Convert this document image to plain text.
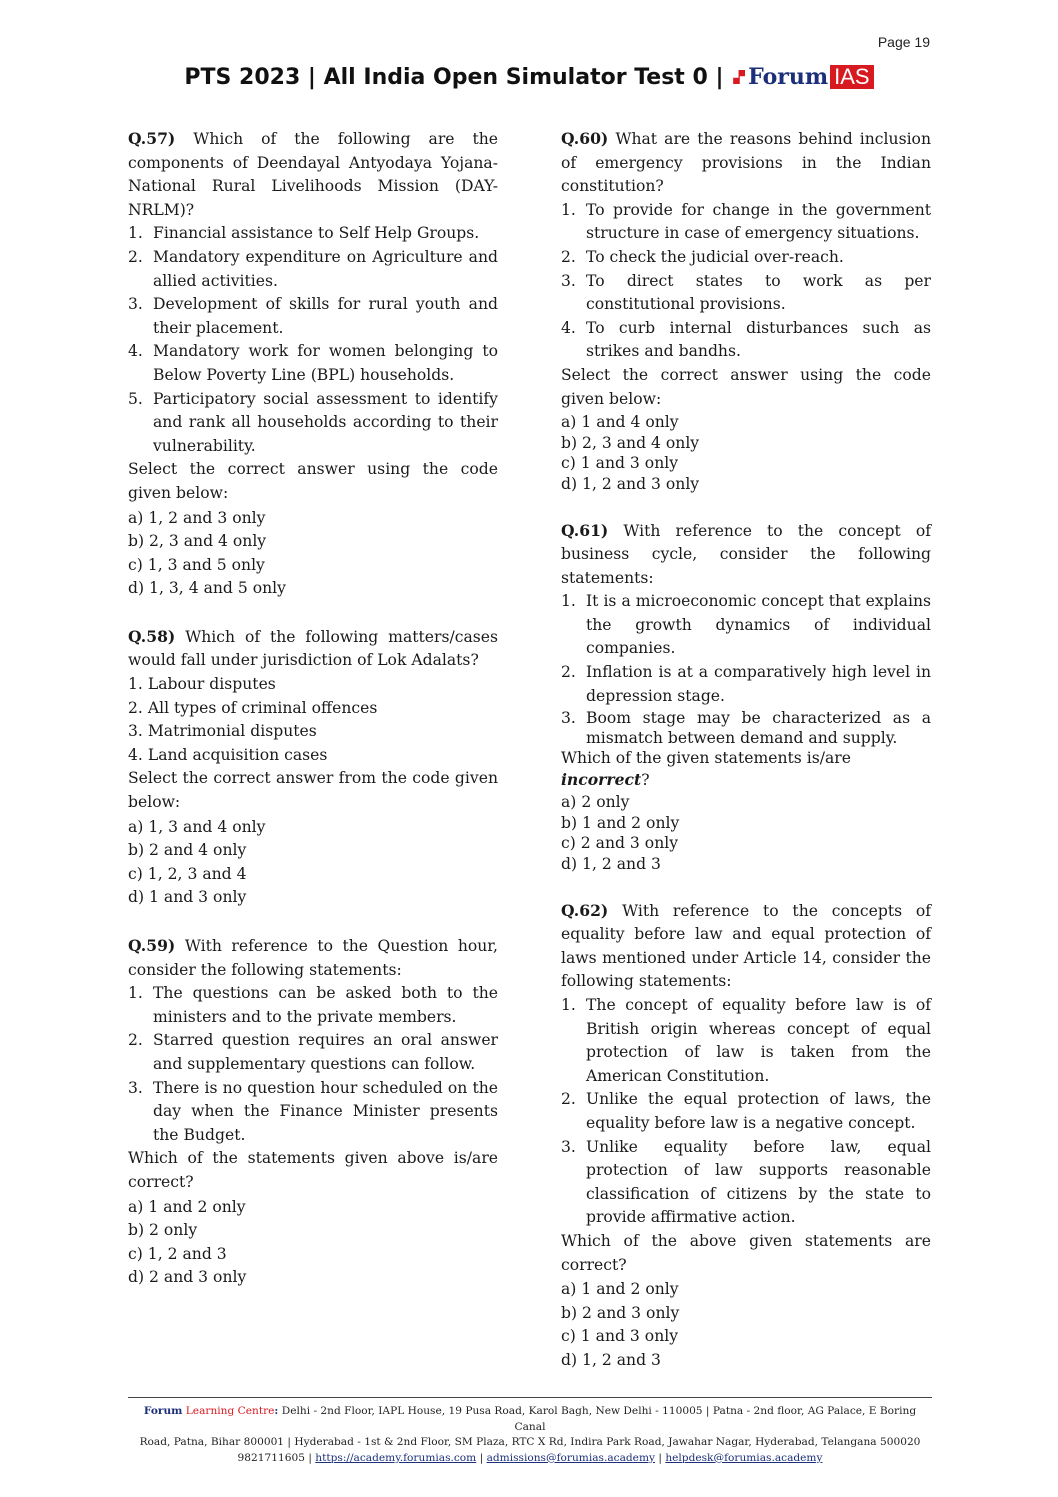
Page 19
PTS 2023 | All India Open Simulator Test 0 | Forum IAS
Q.57) Which of the following are the components of Deendayal Antyodaya Yojana-National Rural Livelihoods Mission (DAY-NRLM)?
1. Financial assistance to Self Help Groups.
2. Mandatory expenditure on Agriculture and allied activities.
3. Development of skills for rural youth and their placement.
4. Mandatory work for women belonging to Below Poverty Line (BPL) households.
5. Participatory social assessment to identify and rank all households according to their vulnerability.
Select the correct answer using the code given below:
a) 1, 2 and 3 only
b) 2, 3 and 4 only
c) 1, 3 and 5 only
d) 1, 3, 4 and 5 only
Q.58) Which of the following matters/cases would fall under jurisdiction of Lok Adalats?
1. Labour disputes
2. All types of criminal offences
3. Matrimonial disputes
4. Land acquisition cases
Select the correct answer from the code given below:
a) 1, 3 and 4 only
b) 2 and 4 only
c) 1, 2, 3 and 4
d) 1 and 3 only
Q.59) With reference to the Question hour, consider the following statements:
1. The questions can be asked both to the ministers and to the private members.
2. Starred question requires an oral answer and supplementary questions can follow.
3. There is no question hour scheduled on the day when the Finance Minister presents the Budget.
Which of the statements given above is/are correct?
a) 1 and 2 only
b) 2 only
c) 1, 2 and 3
d) 2 and 3 only
Q.60) What are the reasons behind inclusion of emergency provisions in the Indian constitution?
1. To provide for change in the government structure in case of emergency situations.
2. To check the judicial over-reach.
3. To direct states to work as per constitutional provisions.
4. To curb internal disturbances such as strikes and bandhs.
Select the correct answer using the code given below:
a) 1 and 4 only
b) 2, 3 and 4 only
c) 1 and 3 only
d) 1, 2 and 3 only
Q.61) With reference to the concept of business cycle, consider the following statements:
1. It is a microeconomic concept that explains the growth dynamics of individual companies.
2. Inflation is at a comparatively high level in depression stage.
3. Boom stage may be characterized as a mismatch between demand and supply.
Which of the given statements is/are
incorrect?
a) 2 only
b) 1 and 2 only
c) 2 and 3 only
d) 1, 2 and 3
Q.62) With reference to the concepts of equality before law and equal protection of laws mentioned under Article 14, consider the following statements:
1. The concept of equality before law is of British origin whereas concept of equal protection of law is taken from the American Constitution.
2. Unlike the equal protection of laws, the equality before law is a negative concept.
3. Unlike equality before law, equal protection of law supports reasonable classification of citizens by the state to provide affirmative action.
Which of the above given statements are correct?
a) 1 and 2 only
b) 2 and 3 only
c) 1 and 3 only
d) 1, 2 and 3
Forum Learning Centre: Delhi - 2nd Floor, IAPL House, 19 Pusa Road, Karol Bagh, New Delhi - 110005 | Patna - 2nd floor, AG Palace, E Boring Canal
Road, Patna, Bihar 800001 | Hyderabad - 1st & 2nd Floor, SM Plaza, RTC X Rd, Indira Park Road, Jawahar Nagar, Hyderabad, Telangana 500020
9821711605 | https://academy.forumias.com | admissions@forumias.academy | helpdesk@forumias.academy
